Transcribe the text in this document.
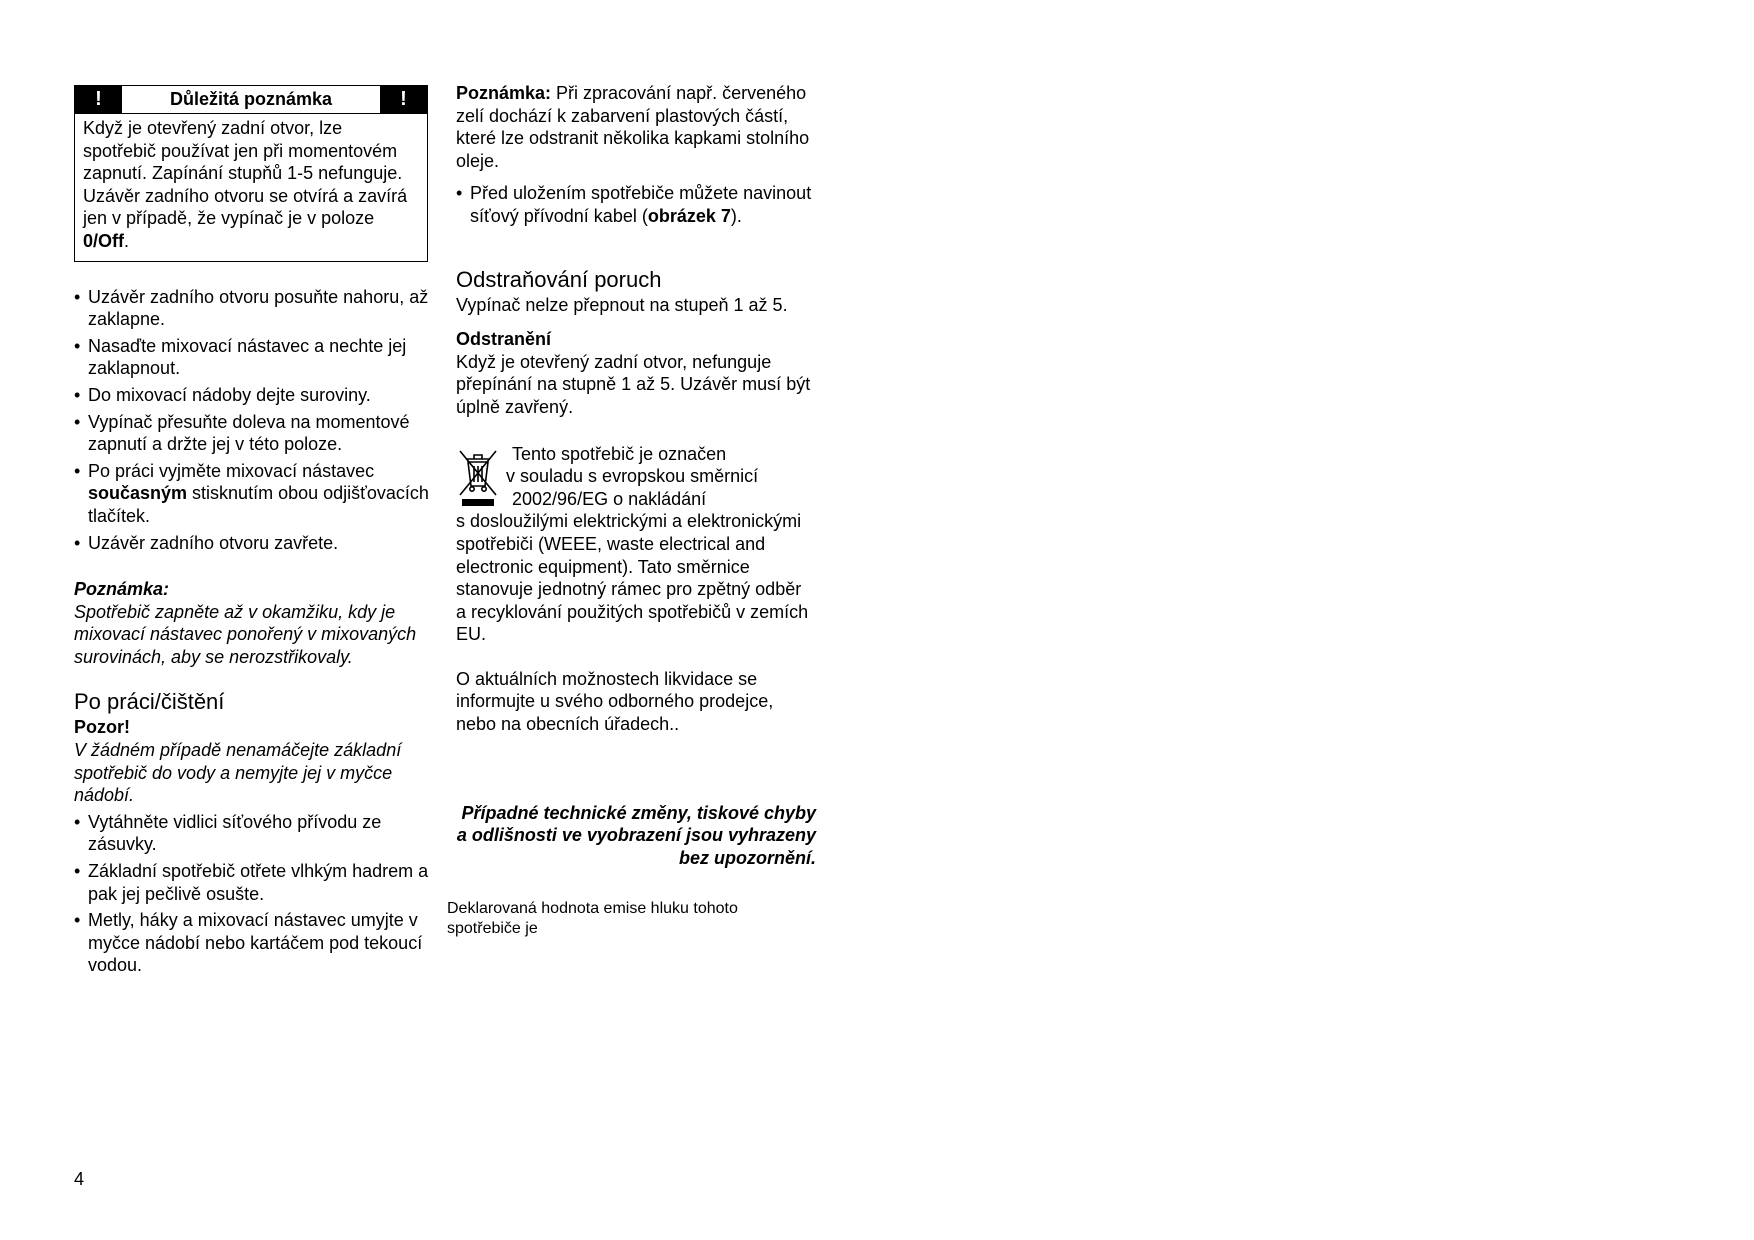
!	Důležitá poznámka	!
Když je otevřený zadní otvor, lze spotřebič používat jen při momentovém zapnutí. Zapínání stupňů 1-5 nefunguje. Uzávěr zadního otvoru se otvírá a zavírá jen v případě, že vypínač je v poloze 0/Off.
• Uzávěr zadního otvoru posuňte nahoru, až zaklapne.
• Nasaďte mixovací nástavec a nechte jej zaklapnout.
• Do mixovací nádoby dejte suroviny.
• Vypínač přesuňte doleva na momentové zapnutí a držte jej v této poloze.
• Po práci vyjměte mixovací nástavec současným stisknutím obou odjišťovacích tlačítek.
• Uzávěr zadního otvoru zavřete.
Poznámka:
Spotřebič zapněte až v okamžiku, kdy je mixovací nástavec ponořený v mixovaných surovinách, aby se nerozstřikovaly.
Po práci/čištění
Pozor!
V žádném případě nenamáčejte základní spotřebič do vody a nemyjte jej v myčce nádobí.
• Vytáhněte vidlici síťového přívodu ze zásuvky.
• Základní spotřebič otřete vlhkým hadrem a pak jej pečlivě osušte.
• Metly, háky a mixovací nástavec umyjte v myčce nádobí nebo kartáčem pod tekoucí vodou.
Poznámka: Při zpracování např. červeného zelí dochází k zabarvení plastových částí, které lze odstranit několika kapkami stolního oleje.
• Před uložením spotřebiče můžete navinout síťový přívodní kabel (obrázek 7).
Odstraňování poruch
Vypínač nelze přepnout na stupeň 1 až 5.
Odstranění
Když je otevřený zadní otvor, nefunguje přepínání na stupně 1 až 5. Uzávěr musí být úplně zavřený.
Tento spotřebič je označen
v souladu s evropskou směrnicí
2002/96/EG o nakládání
s dosloužilými elektrickými a elektronickými spotřebiči (WEEE, waste electrical and electronic equipment). Tato směrnice stanovuje jednotný rámec pro zpětný odběr a recyklování použitých spotřebičů v zemích EU.
O aktuálních možnostech likvidace se informujte u svého odborného prodejce, nebo na obecních úřadech..
Případné technické změny, tiskové chyby a odlišnosti ve vyobrazení jsou vyhrazeny bez upozornění.
Deklarovaná hodnota emise hluku tohoto spotřebiče je
4
